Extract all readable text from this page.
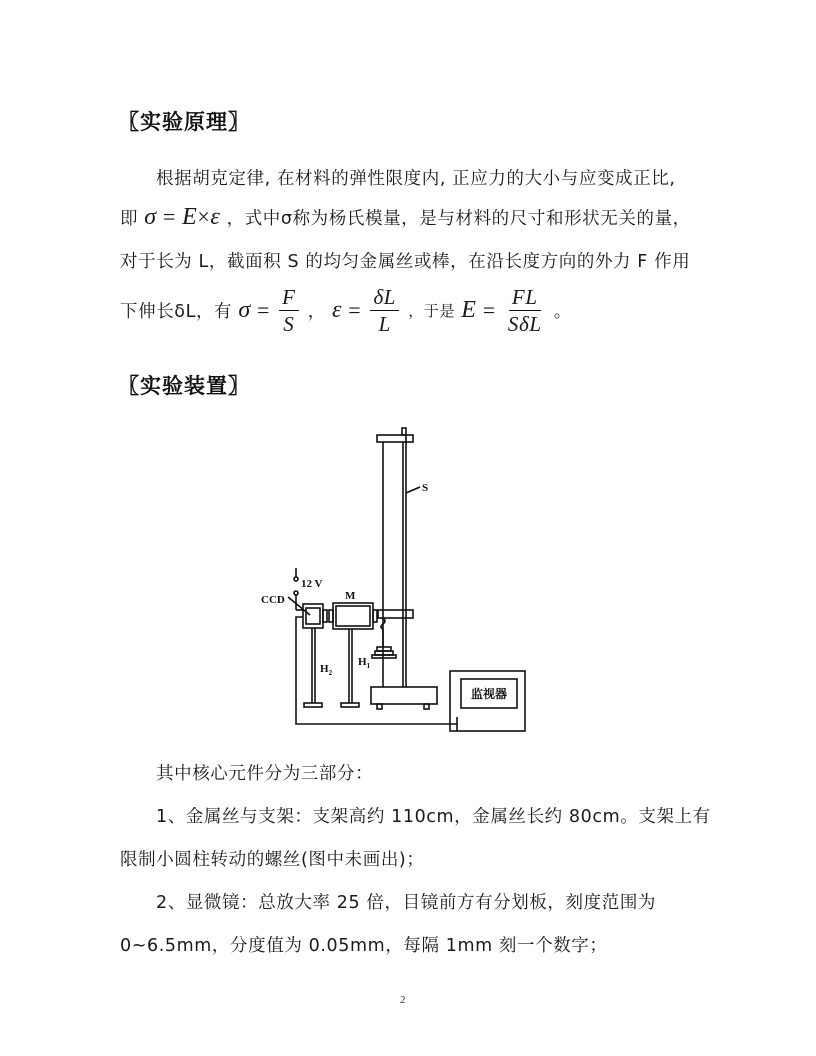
〖实验原理〗
根据胡克定律, 在材料的弹性限度内, 正应力的大小与应变成正比,
即 σ = E×ε ，式中σ称为杨氏模量，是与材料的尺寸和形状无关的量，
对于长为 L，截面积 S 的均匀金属丝或棒，在沿长度方向的外力 F 作用
下伸长δL，有 $\sigma = \frac{F}{S}$ ， $\varepsilon = \frac{\delta L}{L}$ ，于是 $E = \frac{FL}{\text{SδL}}$ 。
〖实验装置〗
S
12 V
CCD	M
$H_1$
$H_2$
监视器
其中核心元件分为三部分：
1、金属丝与支架：支架高约 110cm，金属丝长约 80cm。支架上有
限制小圆柱转动的螺丝(图中未画出)；
2、显微镜：总放大率 25 倍，目镜前方有分划板，刻度范围为
0~6.5mm，分度值为 0.05mm，每隔 1mm 刻一个数字；
2
